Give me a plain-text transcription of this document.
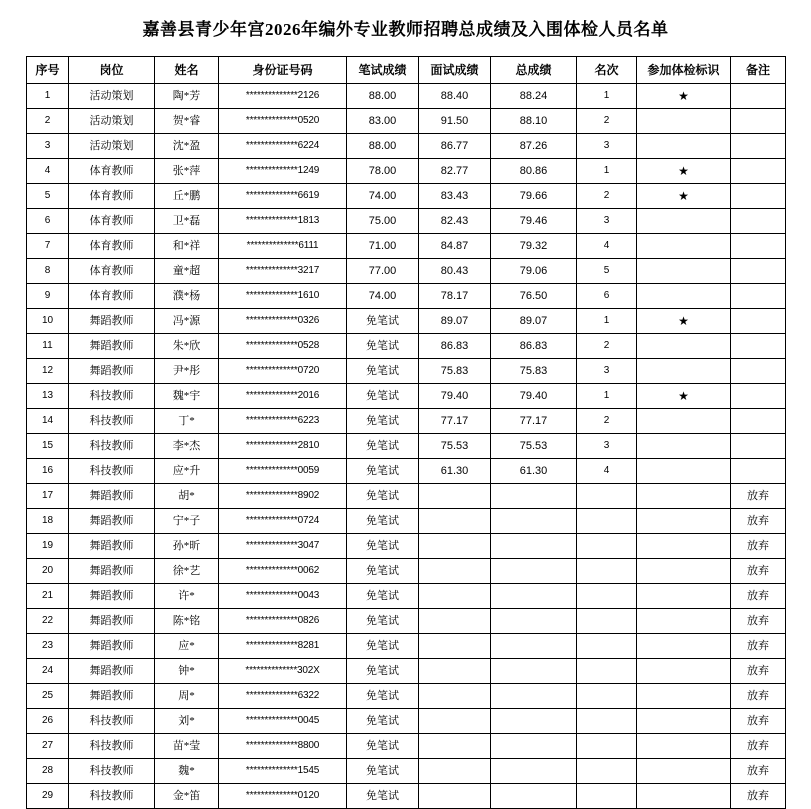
嘉善县青少年宫2026年编外专业教师招聘总成绩及入围体检人员名单
序号	岗位	姓名	身份证号码	笔试成绩	面试成绩	总成绩	名次	参加体检标识	备注
1	活动策划	陶*芳	**************2126	88.00	88.40	88.24	1	★	
2	活动策划	贺*睿	**************0520	83.00	91.50	88.10	2		
3	活动策划	沈*盈	**************6224	88.00	86.77	87.26	3		
4	体育教师	张*萍	**************1249	78.00	82.77	80.86	1	★	
5	体育教师	丘*鹏	**************6619	74.00	83.43	79.66	2	★	
6	体育教师	卫*磊	**************1813	75.00	82.43	79.46	3		
7	体育教师	和*祥	**************6111	71.00	84.87	79.32	4		
8	体育教师	童*超	**************3217	77.00	80.43	79.06	5		
9	体育教师	濮*杨	**************1610	74.00	78.17	76.50	6		
10	舞蹈教师	冯*源	**************0326	免笔试	89.07	89.07	1	★	
11	舞蹈教师	朱*欣	**************0528	免笔试	86.83	86.83	2		
12	舞蹈教师	尹*彤	**************0720	免笔试	75.83	75.83	3		
13	科技教师	魏*宇	**************2016	免笔试	79.40	79.40	1	★	
14	科技教师	丁*	**************6223	免笔试	77.17	77.17	2		
15	科技教师	李*杰	**************2810	免笔试	75.53	75.53	3		
16	科技教师	应*升	**************0059	免笔试	61.30	61.30	4		
17	舞蹈教师	胡*	**************8902	免笔试					放弃
18	舞蹈教师	宁*子	**************0724	免笔试					放弃
19	舞蹈教师	孙*昕	**************3047	免笔试					放弃
20	舞蹈教师	徐*艺	**************0062	免笔试					放弃
21	舞蹈教师	许*	**************0043	免笔试					放弃
22	舞蹈教师	陈*铭	**************0826	免笔试					放弃
23	舞蹈教师	应*	**************8281	免笔试					放弃
24	舞蹈教师	钟*	**************302X	免笔试					放弃
25	舞蹈教师	周*	**************6322	免笔试					放弃
26	科技教师	刘*	**************0045	免笔试					放弃
27	科技教师	苗*莹	**************8800	免笔试					放弃
28	科技教师	魏*	**************1545	免笔试					放弃
29	科技教师	金*笛	**************0120	免笔试					放弃
